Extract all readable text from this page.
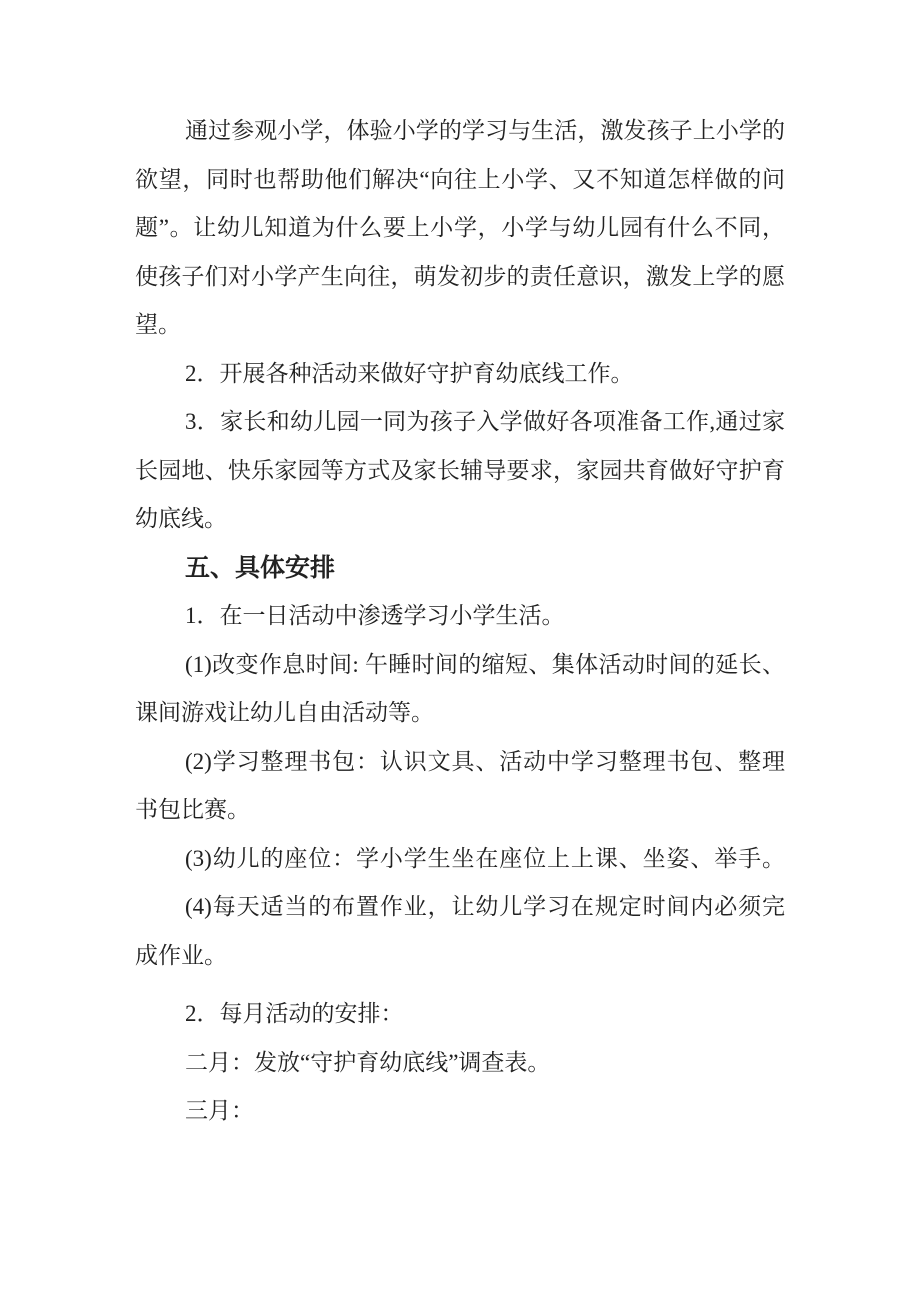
通过参观小学，体验小学的学习与生活，激发孩子上小学的
欲望，同时也帮助他们解决“向往上小学、又不知道怎样做的问
题”。让幼儿知道为什么要上小学，小学与幼儿园有什么不同，
使孩子们对小学产生向往，萌发初步的责任意识，激发上学的愿
望。
2．开展各种活动来做好守护育幼底线工作。
3．家长和幼儿园一同为孩子入学做好各项准备工作,通过家
长园地、快乐家园等方式及家长辅导要求，家园共育做好守护育
幼底线。
五、具体安排
1．在一日活动中渗透学习小学生活。
(1)改变作息时间: 午睡时间的缩短、集体活动时间的延长、
课间游戏让幼儿自由活动等。
(2)学习整理书包：认识文具、活动中学习整理书包、整理
书包比赛。
(3)幼儿的座位：学小学生坐在座位上上课、坐姿、举手。
(4)每天适当的布置作业，让幼儿学习在规定时间内必须完
成作业。
2．每月活动的安排：
二月：发放“守护育幼底线”调查表。
三月：
